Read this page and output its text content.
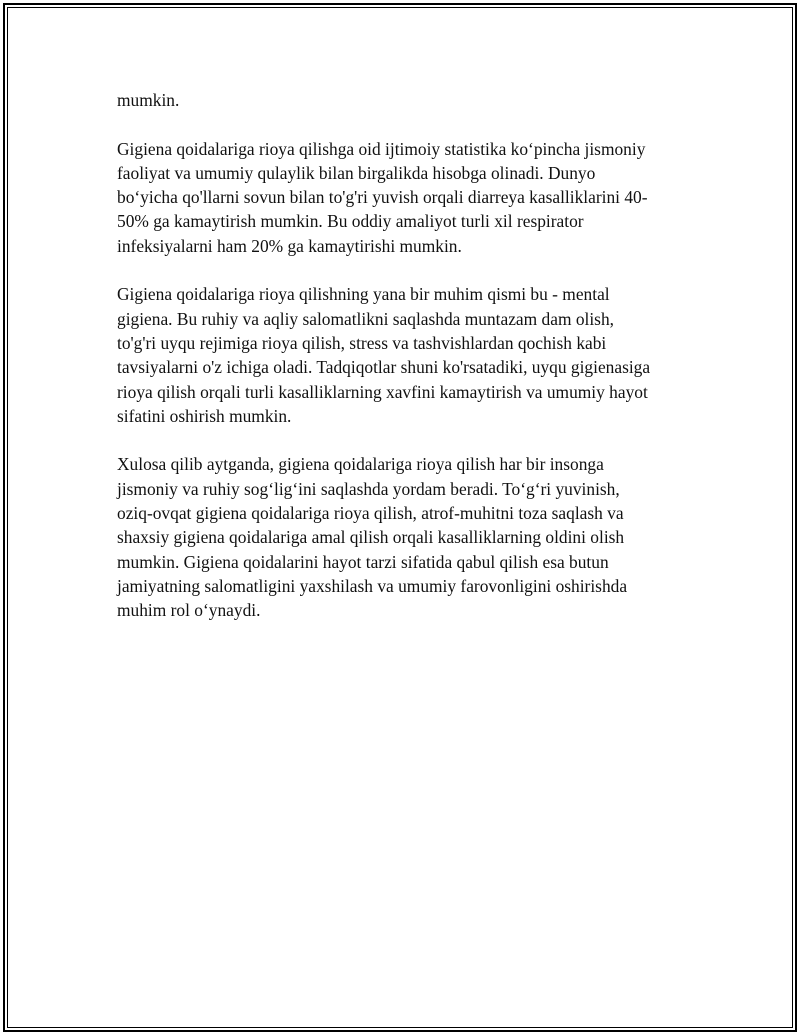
mumkin.

Gigiena qoidalariga rioya qilishga oid ijtimoiy statistika koʻpincha jismoniy
faoliyat va umumiy qulaylik bilan birgalikda hisobga olinadi. Dunyo
boʻyicha qo'llarni sovun bilan to'g'ri yuvish orqali diarreya kasalliklarini 40-
50% ga kamaytirish mumkin. Bu oddiy amaliyot turli xil respirator
infeksiyalarni ham 20% ga kamaytirishi mumkin.

Gigiena qoidalariga rioya qilishning yana bir muhim qismi bu - mental
gigiena. Bu ruhiy va aqliy salomatlikni saqlashda muntazam dam olish,
to'g'ri uyqu rejimiga rioya qilish, stress va tashvishlardan qochish kabi
tavsiyalarni o'z ichiga oladi. Tadqiqotlar shuni ko'rsatadiki, uyqu gigienasiga
rioya qilish orqali turli kasalliklarning xavfini kamaytirish va umumiy hayot
sifatini oshirish mumkin.

Xulosa qilib aytganda, gigiena qoidalariga rioya qilish har bir insonga
jismoniy va ruhiy sogʻligʻini saqlashda yordam beradi. Toʻgʻri yuvinish,
oziq-ovqat gigiena qoidalariga rioya qilish, atrof-muhitni toza saqlash va
shaxsiy gigiena qoidalariga amal qilish orqali kasalliklarning oldini olish
mumkin. Gigiena qoidalarini hayot tarzi sifatida qabul qilish esa butun
jamiyatning salomatligini yaxshilash va umumiy farovonligini oshirishda
muhim rol oʻynaydi.
